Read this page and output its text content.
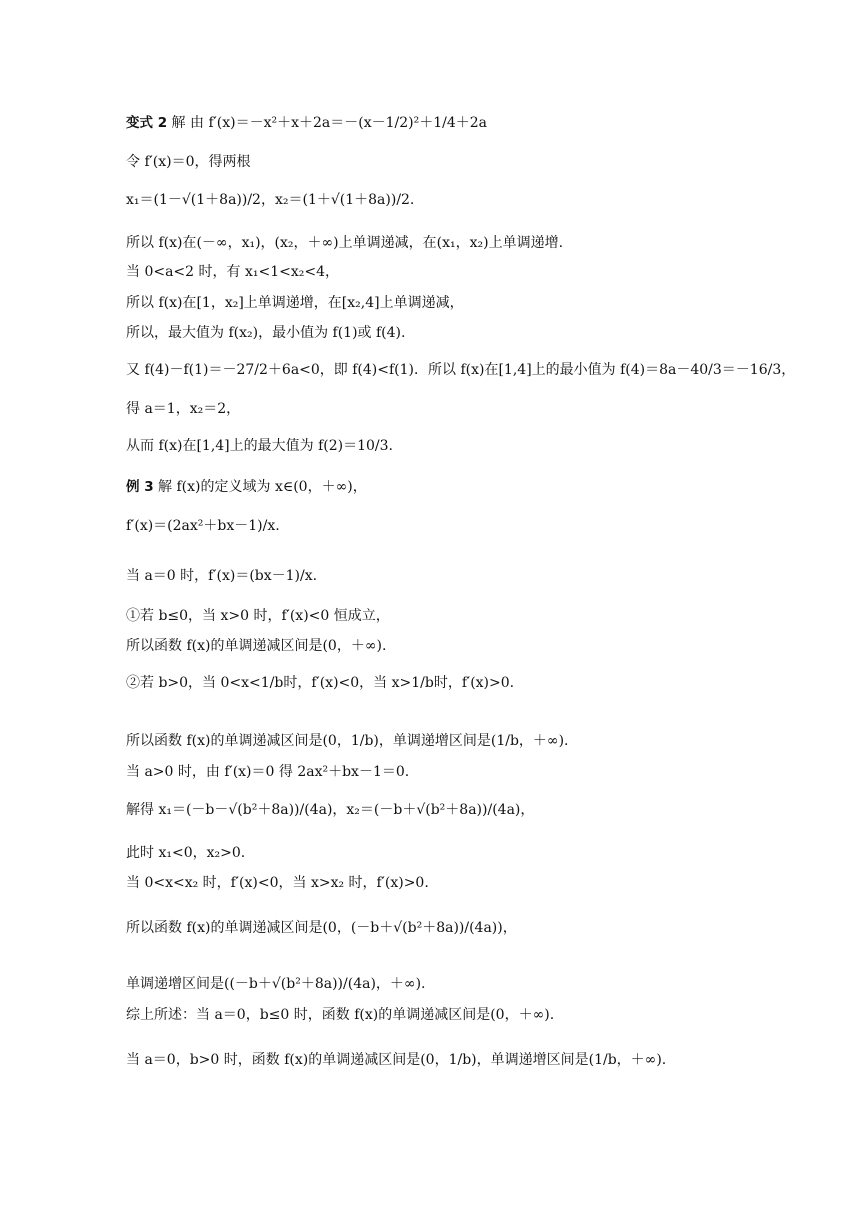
变式 2 解 由 f′(x)＝－x²＋x＋2a＝－(x－1/2)²＋1/4＋2a
令 f′(x)＝0，得两根
x₁＝(1－√(1＋8a))/2，x₂＝(1＋√(1＋8a))/2.
所以 f(x)在(－∞，x₁)，(x₂，＋∞)上单调递减，在(x₁，x₂)上单调递增.
当 0<a<2 时，有 x₁<1<x₂<4，
所以 f(x)在[1，x₂]上单调递增，在[x₂,4]上单调递减，
所以，最大值为 f(x₂)，最小值为 f(1)或 f(4).
又 f(4)－f(1)＝－27/2＋6a<0，即 f(4)<f(1)．所以 f(x)在[1,4]上的最小值为 f(4)＝8a－40/3＝－16/3，
得 a＝1，x₂＝2，
从而 f(x)在[1,4]上的最大值为 f(2)＝10/3.
例 3 解 f(x)的定义域为 x∈(0，＋∞)，
f′(x)＝(2ax²＋bx－1)/x.
当 a＝0 时，f′(x)＝(bx－1)/x.
①若 b≤0，当 x>0 时，f′(x)<0 恒成立，
所以函数 f(x)的单调递减区间是(0，＋∞).
②若 b>0，当 0<x<1/b时，f′(x)<0，当 x>1/b时，f′(x)>0.
所以函数 f(x)的单调递减区间是(0，1/b)，单调递增区间是(1/b，＋∞).
当 a>0 时，由 f′(x)＝0 得 2ax²＋bx－1＝0.
解得 x₁＝(－b－√(b²＋8a))/(4a)，x₂＝(－b＋√(b²＋8a))/(4a)，
此时 x₁<0，x₂>0.
当 0<x<x₂ 时，f′(x)<0，当 x>x₂ 时，f′(x)>0.
所以函数 f(x)的单调递减区间是(0，(－b＋√(b²＋8a))/(4a))，
单调递增区间是((－b＋√(b²＋8a))/(4a)，＋∞).
综上所述：当 a＝0，b≤0 时，函数 f(x)的单调递减区间是(0，＋∞).
当 a＝0，b>0 时，函数 f(x)的单调递减区间是(0，1/b)，单调递增区间是(1/b，＋∞).
